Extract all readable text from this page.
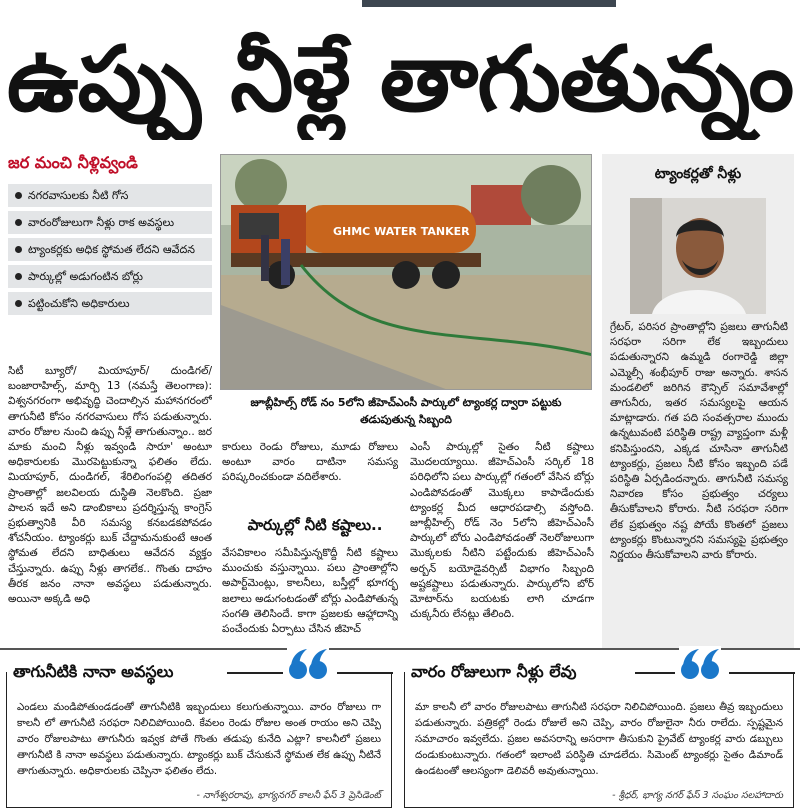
ఉప్పు నీళ్లే తాగుతున్నం
జర మంచి నీళ్లివ్వండి
నగరవాసులకు నీటి గోస
వారంరోజులుగా నీళ్లు రాక అవస్థలు
ట్యాంకర్లకు అధిక స్థోమత లేదని ఆవేదన
పార్కుల్లో అడుగంటిన బోర్లు
పట్టించుకోని అధికారులు
సిటీ బ్యూరో/ మియాపూర్/ దుండిగల్/ బంజారాహిల్స్, మార్చి 13 (నమస్తే తెలంగాణ): విశ్వనగరంగా అభివృద్ధి చెందాల్సిన మహానగరంలో తాగునీటి కోసం నగరవాసులు గోస పడుతున్నారు. వారం రోజుల నుంచి ఉప్పు నీళ్లే తాగుతున్నాం.. జర మాకు మంచి నీళ్లు ఇవ్వండి సారూ' అంటూ అధికారులకు మొరపెట్టుకున్నా ఫలితం లేదు. మియాపూర్, దుండిగల్, శేరిలింగంపల్లి తదితర ప్రాంతాల్లో జలవిలయ దుస్థితి నెలకొంది. ప్రజా పాలన ఇదే అని డాంబికాలు ప్రదర్శిస్తున్న కాంగ్రెస్ ప్రభుత్వానికి వీరి సమస్య కనబడకపోవడం శోచనీయం. ట్యాంకర్లు బుక్ చేద్దామనుకుంటే ఆంత స్థోమత లేదని బాధితులు ఆవేదన వ్యక్తం చేస్తున్నారు. ఉప్పు నీళ్లు తాగలేక.. గొంతు దాహం తీరక జనం నానా అవస్థలు పడుతున్నారు. అయినా అక్కడి అధి
GHMC WATER TANKER
జూబ్లీహిల్స్ రోడ్ నం 5లోని జీహెచ్‌ఎంసీ పార్కులో ట్యాంకర్ల ద్వారా పట్టుకు తడుపుతున్న సిబ్బంది
కారులు రెండు రోజులు, మూడు రోజులు అంటూ వారం దాటినా సమస్య పరిష్కరించకుండా వదిలేశారు.
పార్కుల్లో నీటి కష్టాలు..
వేసవికాలం సమీపిస్తున్నకొద్దీ నీటి కష్టాలు ముంచుకు వస్తున్నాయి. పలు ప్రాంతాల్లోని అపార్ట్‌మెంట్లు, కాలనీలు, బస్తీల్లో భూగర్భ జలాలు అడుగంటడంతో బోర్లు ఎండిపోతున్న సంగతి తెలిసిందే. కాగా ప్రజలకు ఆహ్లాదాన్ని పంచేందుకు ఏర్పాటు చేసిన జీహెచ్
ఎంసీ పార్కుల్లో సైతం నీటి కష్టాలు మొదలయ్యాయి. జీహెచ్‌ఎంసీ సర్కిల్ 18 పరిధిలోని పలు పార్కుల్లో గతంలో వేసిన బోర్లు ఎండిపోవడంతో మొక్కలు కాపాడేందుకు ట్యాంకర్ల మీద ఆధారపడాల్సి వస్తోంది. జూబ్లీహిల్స్ రోడ్ నెం 5లోని జీహెచ్‌ఎంసీ పార్కులో బోరు ఎండిపోవడంతో నెలరోజులుగా మొక్కలకు నీటిని పట్టేందుకు జీహెచ్ఎంసీ అర్బన్ బయోడైవర్సిటీ విభాగం సిబ్బంది అష్టకష్టాలు పడుతున్నారు. పార్కులోని బోర్ మోటార్‌ను బయటకు లాగి చూడగా చుక్కనీరు లేనట్లు తేలింది.
ట్యాంకర్లతో నీళ్లు
గ్రేటర్, పరిసర ప్రాంతాల్లోని ప్రజలు తాగునీటి సరఫరా సరిగా లేక ఇబ్బందులు పడుతున్నారని ఉమ్మడి రంగారెడ్డి జిల్లా ఎమ్మెల్సీ శంభీపూర్ రాజు అన్నారు. శాసన మండలిలో జరిగిన కౌన్సిల్ సమావేశాల్లో తాగునీరు, ఇతర సమస్యలపై ఆయన మాట్లాడారు. గత పది సంవత్సరాల ముందు ఉన్నటువంటి పరిస్థితి రాష్ట్ర వ్యాప్తంగా మళ్లీ కనిపిస్తుందని, ఎక్కడ చూసినా తాగునీటి ట్యాంకర్లు, ప్రజలు నీటి కోసం ఇబ్బంది పడే పరిస్థితి ఏర్పడిందన్నారు. తాగునీటి సమస్య నివారణ కోసం ప్రభుత్వం చర్యలు తీసుకోవాలని కోరారు. నీటి సరఫరా సరిగా లేక ప్రభుత్వం నష్ట పోయే కొంతలో ప్రజలు ట్యాంకర్లు కొంటున్నారని సమస్యపై ప్రభుత్వం నిర్ణయం తీసుకోవాలని వారు కోరారు.
తాగునీటికి నానా అవస్థలు
ఎండలు మండిపోతుండడంతో తాగునీటికి ఇబ్బందులు కలుగుతున్నాయి. వారం రోజులు గా కాలనీ లో తాగునీటి సరఫరా నిలిచిపోయింది. కేవలం రెండు రోజుల అంత రాయం అని చెప్పి వారం రోజులపాటు తాగునీరు ఇవ్వక పోతే గొంతు తడుపు కునేది ఎట్లా? కాలనీలో ప్రజలు తాగునీటి కి నానా అవస్థలు పడుతున్నారు. ట్యాంకర్లు బుక్ చేసుకునే స్థోమత లేక ఉప్పు నీటినే తాగుతున్నారు. అధికారులకు చెప్పినా ఫలితం లేదు.
- నాగేశ్వరరావు, భాగ్యనగర్ కాలనీ ఫేస్ 3 ప్రెసిడెంట్
వారం రోజులుగా నీళ్లు లేవు
మా కాలనీ లో వారం రోజులపాటు తాగునీటి సరఫరా నిలిచిపోయింది. ప్రజలు తీవ్ర ఇబ్బందులు పడుతున్నారు. పత్రికల్లో రెండు రోజులే అని చెప్పి, వారం రోజులైనా నీరు రాలేదు. స్పష్టమైన సమాచారం ఇవ్వలేదు. ప్రజల అవసరాన్ని అసరాగా తీసుకుని ప్రైవేట్ ట్యాంకర్ల వారు డబ్బులు దండుకుంటున్నారు. గతంలో ఇలాంటి పరిస్థితి చూడలేదు. సిమెంట్ ట్యాంకర్లు సైతం డిమాండ్ ఉండటంతో ఆలస్యంగా డెలివరీ అవుతున్నాయి.
- శ్రీధర్, భాగ్య నగర్ ఫేస్ 3 సంఘం సలహాదారు
